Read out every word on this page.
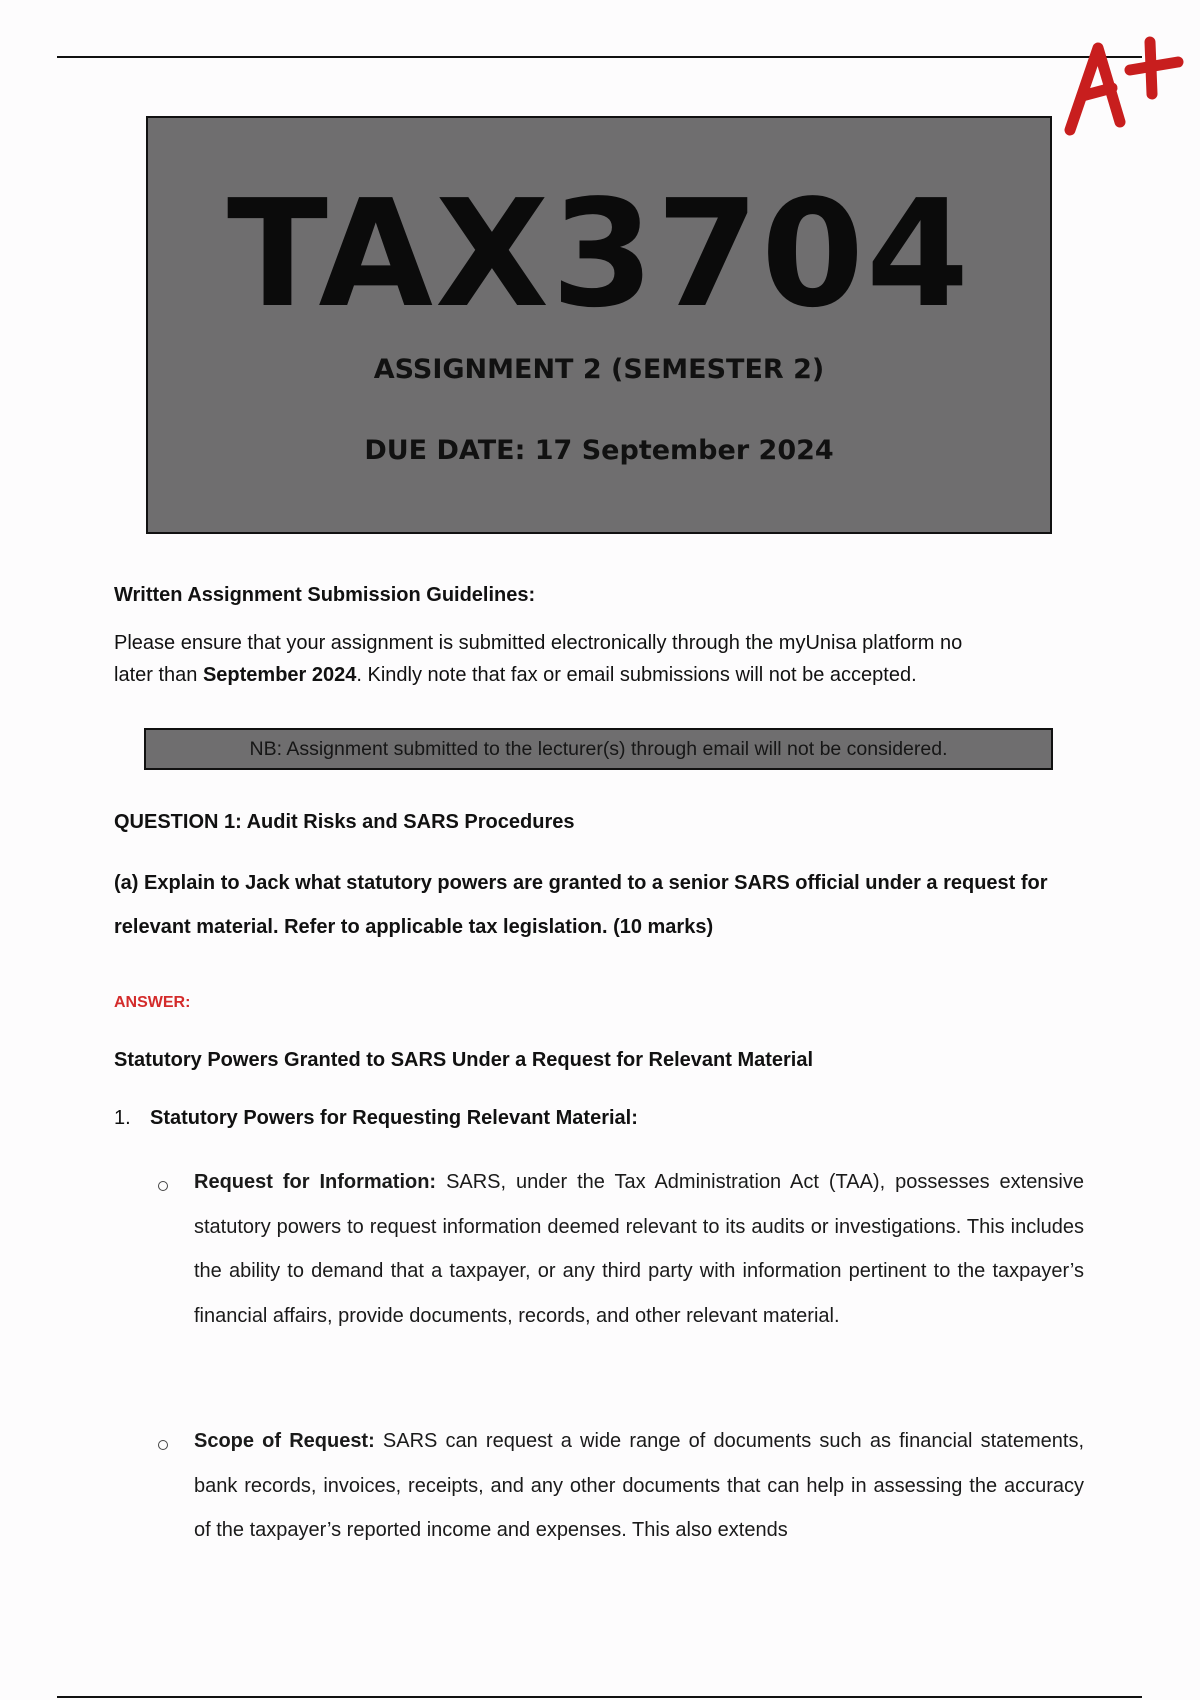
TAX3704
ASSIGNMENT 2 (SEMESTER 2)
DUE DATE: 17 September 2024
Written Assignment Submission Guidelines:
Please ensure that your assignment is submitted electronically through the myUnisa platform no
later than September 2024. Kindly note that fax or email submissions will not be accepted.
NB: Assignment submitted to the lecturer(s) through email will not be considered.
QUESTION 1: Audit Risks and SARS Procedures
(a) Explain to Jack what statutory powers are granted to a senior SARS official under a request for
relevant material. Refer to applicable tax legislation. (10 marks)
ANSWER:
Statutory Powers Granted to SARS Under a Request for Relevant Material
1. Statutory Powers for Requesting Relevant Material:
Request for Information: SARS, under the Tax Administration Act (TAA), possesses extensive statutory powers to request information deemed relevant to its audits or investigations. This includes the ability to demand that a taxpayer, or any third party with information pertinent to the taxpayer’s financial affairs, provide documents, records, and other relevant material.
Scope of Request: SARS can request a wide range of documents such as financial statements, bank records, invoices, receipts, and any other documents that can help in assessing the accuracy of the taxpayer’s reported income and expenses. This also extends
